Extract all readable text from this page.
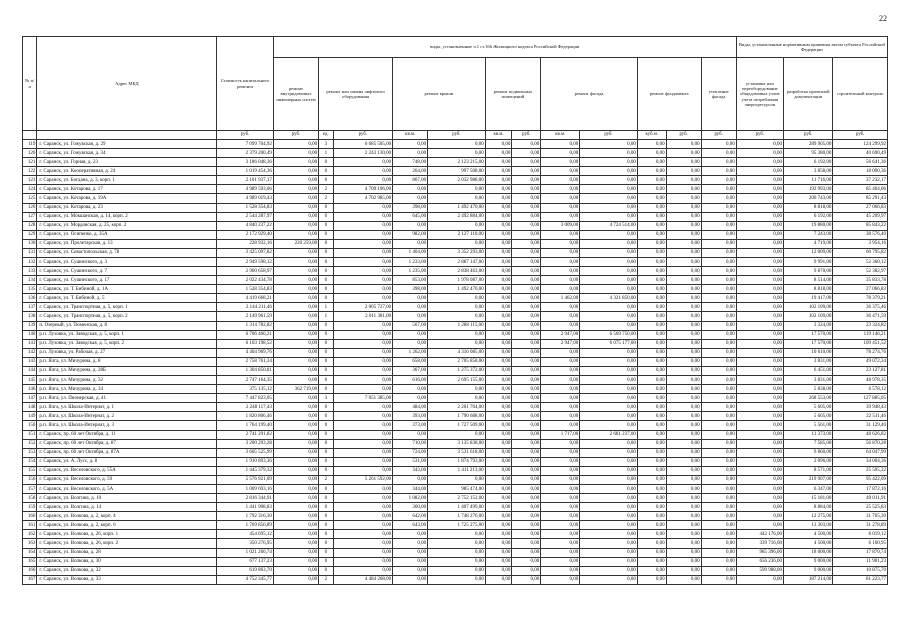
22
№ п/п	Адрес МКД	Стоимость капитального ремонта	виды, установленные ч.1 ст.166 Жилищного кодекса Российской Федерации												Виды, установленные нормативным правовым актом субъекта Российской Федерации		
			ремонт внутридомовых инженерных систем	ремонт или замена лифтового оборудования		ремонт крыши		ремонт подвальных помещений		ремонт фасада		ремонт фундамента		утепление фасада	установка или переоборудование общедомовых узлов учета потребления энергоресурсов	разработка проектной документации	строительный контроль
		руб.	руб.	ед.	руб.	кв.м.	руб.	кв.м.	руб.	кв.м.	руб.	куб.м.	руб.	руб.	руб.	руб.	руб.
119	г. Саранск, ул. Гожувская, д. 29	7 099 704,92	0,00	3	6 685 505,00	0,00	0,00	0,00	0,00	0,00	0,00	0,00	0,00	0,00	0,00	289 905,00	124 299,92
120	г. Саранск, ул. Гожувская, д. 34	2 379 200,49	0,00	1	2 243 130,00	0,00	0,00	0,00	0,00	0,00	0,00	0,00	0,00	0,00	0,00	95 380,00	40 690,49
121	г. Саранск, ул. Горная, д. 23	3 186 048,36	0,00	0	0,00	748,00	2 123 215,00	0,00	0,00	0,00	0,00	0,00	0,00	0,00	0,00	6 192,00	56 641,36
122	г. Саранск, ул. Кооперативная, д. 24	1 019 454,36	0,00	0	0,00	264,00	997 508,00	0,00	0,00	0,00	0,00	0,00	0,00	0,00	0,00	3 858,00	18 090,36
123	г. Саранск, ул. Богдана, д. 3, корп. 1	2 101 937,17	0,00	0	0,00	867,00	2 032 988,00	0,00	0,00	0,00	0,00	0,00	0,00	0,00	0,00	11 716,00	37 232,17
124	г. Саранск, ул. Котарова, д. 17	4 989 593,06	0,00	2	4 709 196,00	0,00	0,00	0,00	0,00	0,00	0,00	0,00	0,00	0,00	0,00	192 993,00	85 404,06
125	г. Саранск, ул. Котарова, д. 19А	4 989 019,43	0,00	2	4 702 985,00	0,00	0,00	0,00	0,00	0,00	0,00	0,00	0,00	0,00	0,00	200 743,00	85 291,43
126	г. Саранск, ул. Котарова, д. 23	1 528 354,83	0,00	0	0,00	398,00	1 492 470,00	0,00	0,00	0,00	0,00	0,00	0,00	0,00	0,00	8 818,00	27 066,83
127	г. Саранск, ул. Мокшанская, д. 14, корп. 2	2 544 287,97	0,00	0	0,00	645,00	2 492 884,00	0,00	0,00	0,00	0,00	0,00	0,00	0,00	0,00	6 192,00	45 209,97
128	г. Саранск, ул. Мордовская, д. 25, корп. 2	4 840 237,22	0,00	0	0,00	0,00	0,00	0,00	0,00	3 009,00	4 724 514,00	0,00	0,00	0,00	0,00	19 880,00	85 843,22
129	г. Саранск, ул. Осипенко, д. 35А	2 172 929,40	0,00	0	0,00	982,00	2 127 110,00	0,00	0,00	0,00	0,00	0,00	0,00	0,00	0,00	7 243,00	38 576,40
130	г. Саранск, ул. Пролетарская, д. 13	228 932,16	220 259,00	0	0,00	0,00	0,00	0,00	0,00	0,00	0,00	0,00	0,00	0,00	0,00	4 719,00	3 954,16
131	г. Саранск, ул. Севастопольская, д. 78	3 425 097,82	0,00	0	0,00	1 404,00	3 352 293,00	0,00	0,00	0,00	0,00	0,00	0,00	0,00	0,00	12 009,00	60 795,82
132	г. Саранск, ул. Сушинского, д. 3	2 949 598,12	0,00	0	0,00	1 233,00	2 887 147,00	0,00	0,00	0,00	0,00	0,00	0,00	0,00	0,00	9 991,00	52 360,12
133	г. Саранск, ул. Сушинского, д. 7	2 900 658,97	0,00	0	0,00	1 235,00	2 838 463,00	0,00	0,00	0,00	0,00	0,00	0,00	0,00	0,00	9 870,00	52 382,97
134	г. Саранск, ул. Сушинского, д. 17	2 022 434,78	0,00	0	0,00	853,00	1 978 087,00	0,00	0,00	0,00	0,00	0,00	0,00	0,00	0,00	8 514,00	35 833,78
135	г. Саранск, ул. Т. Бибиной, д. 1А	1 528 354,83	0,00	0	0,00	398,00	1 492 470,00	0,00	0,00	0,00	0,00	0,00	0,00	0,00	0,00	8 818,00	27 066,83
136	г. Саранск, ул. Т. Бибиной, д. 5	4 419 668,21	0,00	0	0,00	0,00	0,00	0,00	0,00	1 462,00	4 321 850,00	0,00	0,00	0,00	0,00	19 417,00	78 379,21
137	г. Саранск, ул. Транспортная, д. 5, корп. 1	2 144 211,46	0,00	1	2 005 727,00	0,00	0,00	0,00	0,00	0,00	0,00	0,00	0,00	0,00	0,00	102 109,00	36 375,46
138	г. Саранск, ул. Транспортная, д. 5, корп. 2	2 149 961,59	0,00	1	2 011 381,00	0,00	0,00	0,00	0,00	0,00	0,00	0,00	0,00	0,00	0,00	102 109,00	36 471,59
139	п. Озерный, ул. Тюменская, д. 8	1 314 782,82	0,00	0	0,00	567,00	1 288 115,00	0,00	0,00	0,00	0,00	0,00	0,00	0,00	0,00	3 324,00	23 324,82
140	р.п. Луховка, ул. Заводская, д. 5, корп. 1	6 706 466,21	0,00	0	0,00	0,00	0,00	0,00	0,00	2 947,00	6 569 750,00	0,00	0,00	0,00	0,00	17 570,00	119 146,21
141	р.п. Луховка, ул. Заводская, д. 5, корп. 2	6 103 198,52	0,00	0	0,00	0,00	0,00	0,00	0,00	2 947,00	6 075 177,00	0,00	0,00	0,00	0,00	17 570,00	109 451,52
142	р.п. Луховка, ул. Рабочая, д. 27	4 404 969,76	0,00	0	0,00	1 262,00	4 316 085,00	0,00	0,00	0,00	0,00	0,00	0,00	0,00	0,00	10 610,00	78 274,76
143	р.п. Ялга, ул. Мичурина, д. 8	2 758 761,34	0,00	0	0,00	658,00	2 705 858,00	0,00	0,00	0,00	0,00	0,00	0,00	0,00	0,00	3 831,00	49 072,34
144	р.п. Ялга, ул. Мичурина, д. 28Б	1 304 850,81	0,00	0	0,00	367,00	1 275 372,00	0,00	0,00	0,00	0,00	0,00	0,00	0,00	0,00	6 451,00	23 127,81
145	р.п. Ялга, ул. Мичурина, д. 32	2 747 164,35	0,00	0	0,00	616,00	2 695 155,00	0,00	0,00	0,00	0,00	0,00	0,00	0,00	0,00	3 831,00	48 978,35
146	р.п. Ялга, ул. Мичурина, д. 34	375 135,12	362 719,00	0	0,00	0,00	0,00	0,00	0,00	0,00	0,00	0,00	0,00	0,00	0,00	5 838,00	6 578,12
147	р.п. Ялга, ул. Пионерская, д. 41	7 447 823,05	0,00	3	7 051 385,00	0,00	0,00	0,00	0,00	0,00	0,00	0,00	0,00	0,00	0,00	268 553,00	127 885,05
148	р.п. Ялга, ул. Школа-Интернат, д. 1	2 248 117,43	0,00	0	0,00	484,00	2 201 764,00	0,00	0,00	0,00	0,00	0,00	0,00	0,00	0,00	5 605,00	39 948,43
149	р.п. Ялга, ул. Школа-Интернат, д. 2	1 820 806,46	0,00	0	0,00	393,00	1 790 688,00	0,00	0,00	0,00	0,00	0,00	0,00	0,00	0,00	5 605,00	22 511,46
150	р.п. Ялга, ул. Школа-Интернат, д. 3	1 764 199,40	0,00	0	0,00	373,00	1 727 509,00	0,00	0,00	0,00	0,00	0,00	0,00	0,00	0,00	5 561,00	31 129,40
151	г. Саранск, пр. 60 лет Октября, д. 11	2 741 291,82	0,00	0	0,00	0,00	0,00	0,00	0,00	1 717,00	2 681 237,00	0,00	0,00	0,00	0,00	11 373,00	48 626,82
152	г. Саранск, пр. 60 лет Октября, д. 87	3 200 293,28	0,00	0	0,00	710,00	3 135 838,00	0,00	0,00	0,00	0,00	0,00	0,00	0,00	0,00	7 585,00	56 870,28
153	г. Саранск, пр. 60 лет Октября, д. 87А	3 605 525,99	0,00	0	0,00	724,00	3 531 618,00	0,00	0,00	0,00	0,00	0,00	0,00	0,00	0,00	9 860,00	64 047,99
154	г. Саранск, ул. А. Лусс, д. 8	1 910 893,36	0,00	0	0,00	531,00	1 874 793,00	0,00	0,00	0,00	0,00	0,00	0,00	0,00	0,00	2 096,00	34 004,36
155	г. Саранск, ул. Веселовского, д. 55А	1 445 379,32	0,00	0	0,00	343,00	1 411 213,00	0,00	0,00	0,00	0,00	0,00	0,00	0,00	0,00	8 571,00	25 595,32
156	г. Саранск, ул. Веселовского, д. 59	5 576 921,09	0,00	2	5 261 592,00	0,00	0,00	0,00	0,00	0,00	0,00	0,00	0,00	0,00	0,00	219 907,00	95 422,09
157	г. Саранск, ул. Веселовского, д. 5А	1 009 693,16	0,00	0	0,00	344,00	985 474,00	0,00	0,00	0,00	0,00	0,00	0,00	0,00	0,00	6 347,00	17 872,16
158	г. Саранск, ул. Волгина, д. 10	2 816 344,91	0,00	0	0,00	1 082,00	2 752 152,00	0,00	0,00	0,00	0,00	0,00	0,00	0,00	0,00	15 181,00	49 011,91
159	г. Саранск, ул. Волгина, д. 14	1 441 908,83	0,00	0	0,00	360,00	1 407 499,00	0,00	0,00	0,00	0,00	0,00	0,00	0,00	0,00	8 884,00	25 525,83
160	г. Саранск, ул. Волкова, д. 2, корп. 4	1 792 316,30	0,00	0	0,00	642,00	1 748 276,00	0,00	0,00	0,00	0,00	0,00	0,00	0,00	0,00	12 275,00	31 765,30
161	г. Саранск, ул. Волкова, д. 2, корп. 6	1 769 856,89	0,00	0	0,00	643,00	1 725 275,00	0,00	0,00	0,00	0,00	0,00	0,00	0,00	0,00	13 303,00	31 278,89
162	г. Саранск, ул. Волкова, д. 26, корп. 1	454 695,12	0,00	0	0,00	0,00	0,00	0,00	0,00	0,00	0,00	0,00	0,00	0,00	442 176,00	4 500,00	8 019,12
163	г. Саранск, ул. Волкова, д. 26, корп. 2	350 276,95	0,00	0	0,00	0,00	0,00	0,00	0,00	0,00	0,00	0,00	0,00	0,00	339 716,00	4 500,00	6 160,95
164	г. Саранск, ул. Волкова, д. 28	1 021 266,74	0,00	0	0,00	0,00	0,00	0,00	0,00	0,00	0,00	0,00	0,00	0,00	985 396,00	18 000,00	17 870,74
165	г. Саранск, ул. Волкова, д. 30	677 137,23	0,00	0	0,00	0,00	0,00	0,00	0,00	0,00	0,00	0,00	0,00	0,00	656 236,00	9 000,00	11 901,23
166	г. Саранск, ул. Волкова, д. 32	619 863,70	0,00	0	0,00	0,00	0,00	0,00	0,00	0,00	0,00	0,00	0,00	0,00	599 988,00	9 000,00	10 875,70
167	г. Саранск, ул. Волкова, д. 33	4 752 345,77	0,00	2	4 484 208,00	0,00	0,00	0,00	0,00	0,00	0,00	0,00	0,00	0,00	0,00	187 214,00	81 223,77
